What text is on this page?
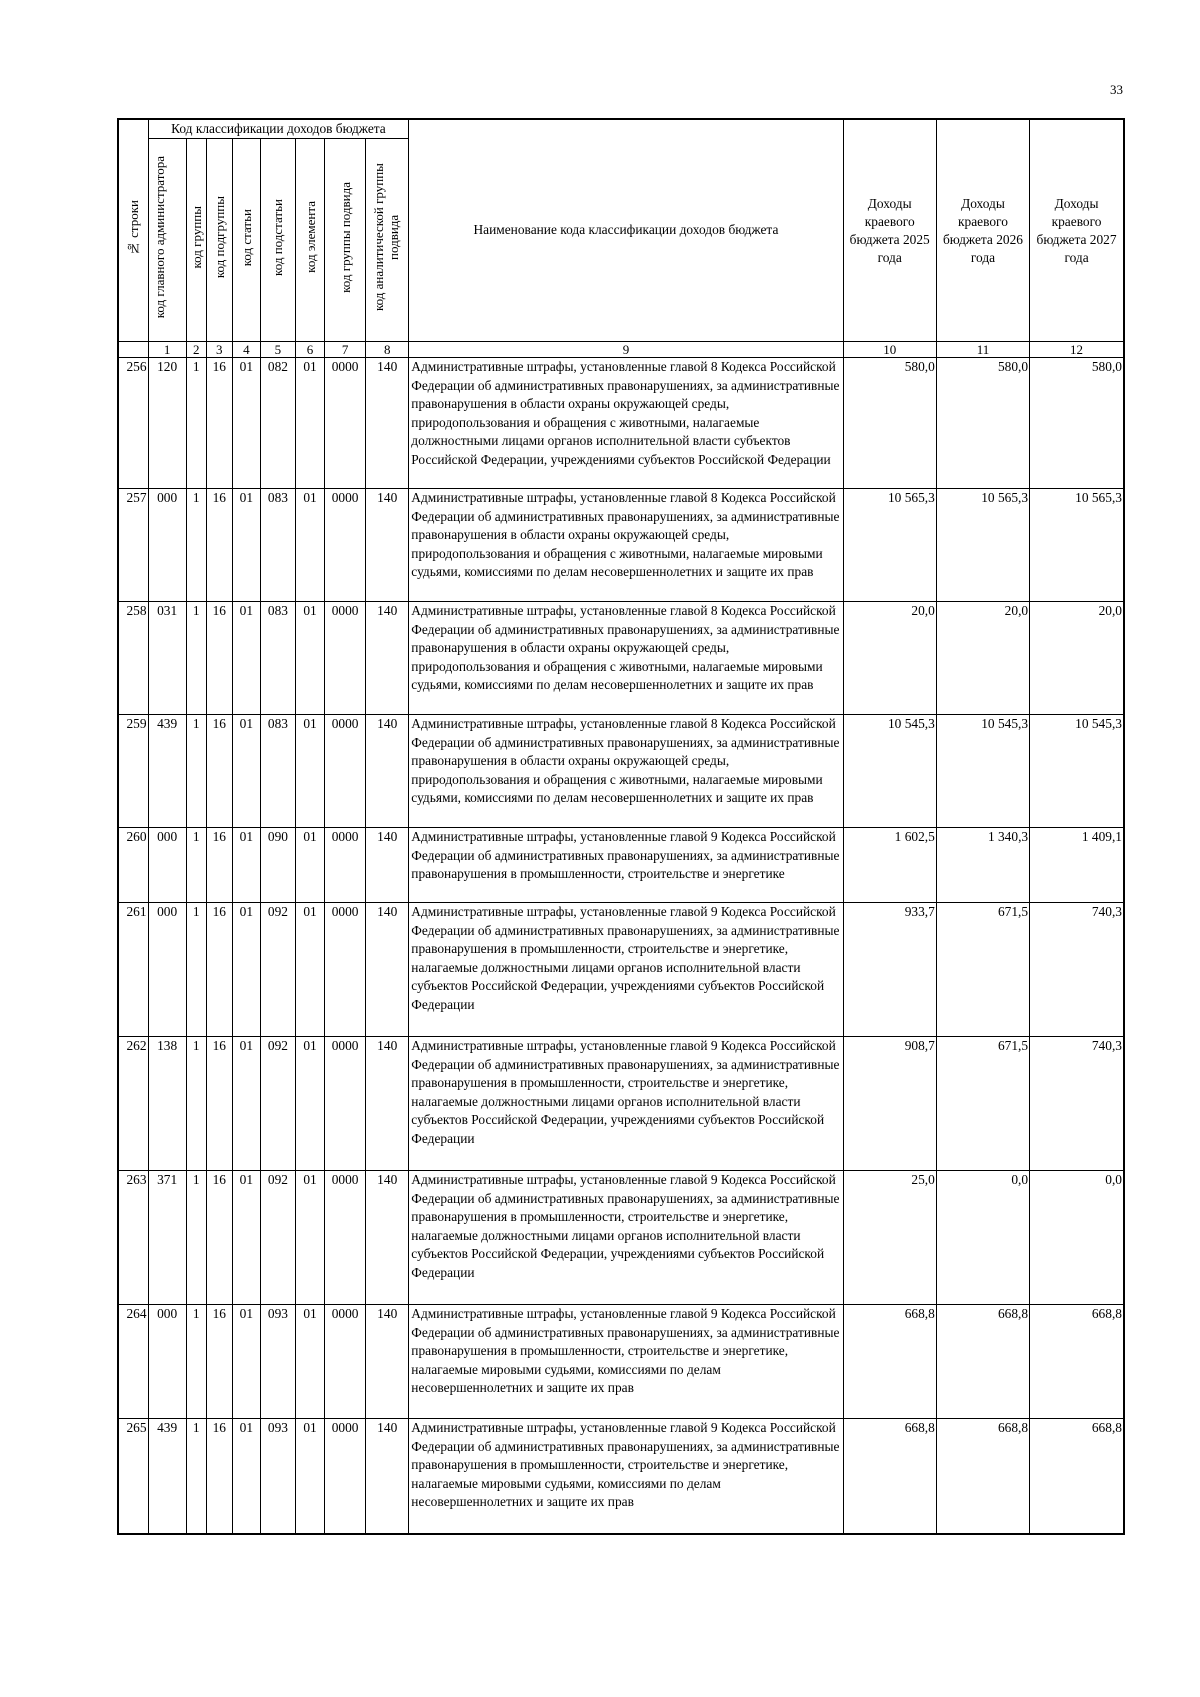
33
№ строки	Код классификации доходов бюджета								Наименование кода классификации доходов бюджета	Доходы краевого бюджета 2025 года	Доходы краевого бюджета 2026 года	Доходы краевого бюджета 2027 года
	код главного администратора	код группы	код подгруппы	код статьи	код подстатьи	код элемента	код группы подвида	код аналитической группы подвида				
	1	2	3	4	5	6	7	8	9	10	11	12
256	120	1	16	01	082	01	0000	140	Административные штрафы, установленные главой 8 Кодекса Российской Федерации об административных правонарушениях, за административные правонарушения в области охраны окружающей среды, природопользования и обращения с животными, налагаемые должностными лицами органов исполнительной власти субъектов Российской Федерации, учреждениями субъектов Российской Федерации	580,0	580,0	580,0
257	000	1	16	01	083	01	0000	140	Административные штрафы, установленные главой 8 Кодекса Российской Федерации об административных правонарушениях, за административные правонарушения в области охраны окружающей среды, природопользования и обращения с животными, налагаемые мировыми судьями, комиссиями по делам несовершеннолетних и защите их прав	10 565,3	10 565,3	10 565,3
258	031	1	16	01	083	01	0000	140	Административные штрафы, установленные главой 8 Кодекса Российской Федерации об административных правонарушениях, за административные правонарушения в области охраны окружающей среды, природопользования и обращения с животными, налагаемые мировыми судьями, комиссиями по делам несовершеннолетних и защите их прав	20,0	20,0	20,0
259	439	1	16	01	083	01	0000	140	Административные штрафы, установленные главой 8 Кодекса Российской Федерации об административных правонарушениях, за административные правонарушения в области охраны окружающей среды, природопользования и обращения с животными, налагаемые мировыми судьями, комиссиями по делам несовершеннолетних и защите их прав	10 545,3	10 545,3	10 545,3
260	000	1	16	01	090	01	0000	140	Административные штрафы, установленные главой 9 Кодекса Российской Федерации об административных правонарушениях, за административные правонарушения в промышленности, строительстве и энергетике	1 602,5	1 340,3	1 409,1
261	000	1	16	01	092	01	0000	140	Административные штрафы, установленные главой 9 Кодекса Российской Федерации об административных правонарушениях, за административные правонарушения в промышленности, строительстве и энергетике, налагаемые должностными лицами органов исполнительной власти субъектов Российской Федерации, учреждениями субъектов Российской Федерации	933,7	671,5	740,3
262	138	1	16	01	092	01	0000	140	Административные штрафы, установленные главой 9 Кодекса Российской Федерации об административных правонарушениях, за административные правонарушения в промышленности, строительстве и энергетике, налагаемые должностными лицами органов исполнительной власти субъектов Российской Федерации, учреждениями субъектов Российской Федерации	908,7	671,5	740,3
263	371	1	16	01	092	01	0000	140	Административные штрафы, установленные главой 9 Кодекса Российской Федерации об административных правонарушениях, за административные правонарушения в промышленности, строительстве и энергетике, налагаемые должностными лицами органов исполнительной власти субъектов Российской Федерации, учреждениями субъектов Российской Федерации	25,0	0,0	0,0
264	000	1	16	01	093	01	0000	140	Административные штрафы, установленные главой 9 Кодекса Российской Федерации об административных правонарушениях, за административные правонарушения в промышленности, строительстве и энергетике, налагаемые мировыми судьями, комиссиями по делам несовершеннолетних и защите их прав	668,8	668,8	668,8
265	439	1	16	01	093	01	0000	140	Административные штрафы, установленные главой 9 Кодекса Российской Федерации об административных правонарушениях, за административные правонарушения в промышленности, строительстве и энергетике, налагаемые мировыми судьями, комиссиями по делам несовершеннолетних и защите их прав	668,8	668,8	668,8
